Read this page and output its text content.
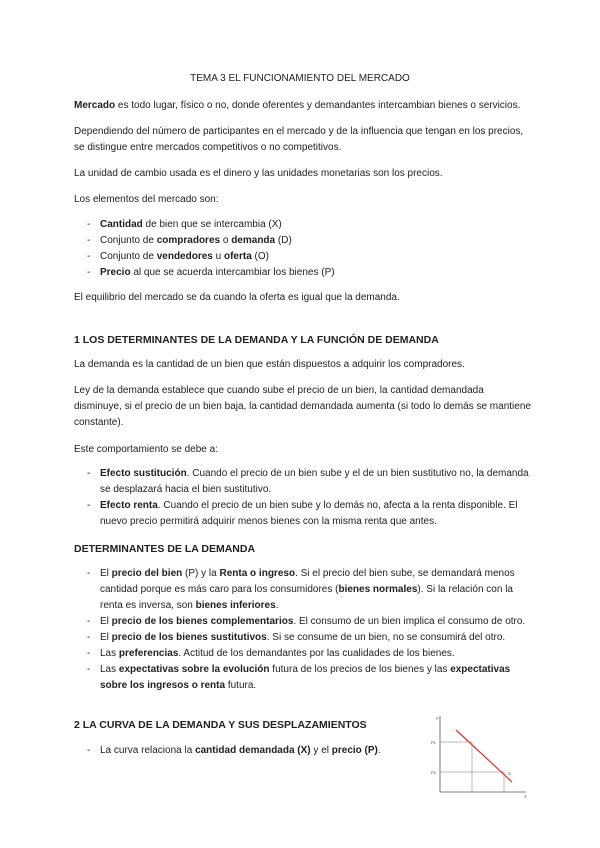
TEMA 3 EL FUNCIONAMIENTO DEL MERCADO
Mercado es todo lugar, físico o no, donde oferentes y demandantes intercambian bienes o servicios.
Dependiendo del número de participantes en el mercado y de la influencia que tengan en los precios, se distingue entre mercados competitivos o no competitivos.
La unidad de cambio usada es el dinero y las unidades monetarias son los precios.
Los elementos del mercado son:
- Cantidad de bien que se intercambia (X)
- Conjunto de compradores o demanda (D)
- Conjunto de vendedores u oferta (O)
- Precio al que se acuerda intercambiar los bienes (P)
El equilibrio del mercado se da cuando la oferta es igual que la demanda.
1 LOS DETERMINANTES DE LA DEMANDA Y LA FUNCIÓN DE DEMANDA
La demanda es la cantidad de un bien que están dispuestos a adquirir los compradores.
Ley de la demanda establece que cuando sube el precio de un bien, la cantidad demandada disminuye, si el precio de un bien baja, la cantidad demandada aumenta (si todo lo demás se mantiene constante).
Este comportamiento se debe a:
- Efecto sustitución. Cuando el precio de un bien sube y el de un bien sustitutivo no, la demanda se desplazará hacia el bien sustitutivo.
- Efecto renta. Cuando el precio de un bien sube y lo demás no, afecta a la renta disponible. El nuevo precio permitirá adquirir menos bienes con la misma renta que antes.
DETERMINANTES DE LA DEMANDA
- El precio del bien (P) y la Renta o ingreso. Si el precio del bien sube, se demandará menos cantidad porque es más caro para los consumidores (bienes normales). Si la relación con la renta es inversa, son bienes inferiores.
- El precio de los bienes complementarios. El consumo de un bien implica el consumo de otro.
- El precio de los bienes sustitutivos. Si se consume de un bien, no se consumirá del otro.
- Las preferencias. Actitud de los demandantes por las cualidades de los bienes.
- Las expectativas sobre la evolución futura de los precios de los bienes y las expectativas sobre los ingresos o renta futura.
2 LA CURVA DE LA DEMANDA Y SUS DESPLAZAMIENTOS
- La curva relaciona la cantidad demandada (X) y el precio (P).
P
X
P1
P2	D
